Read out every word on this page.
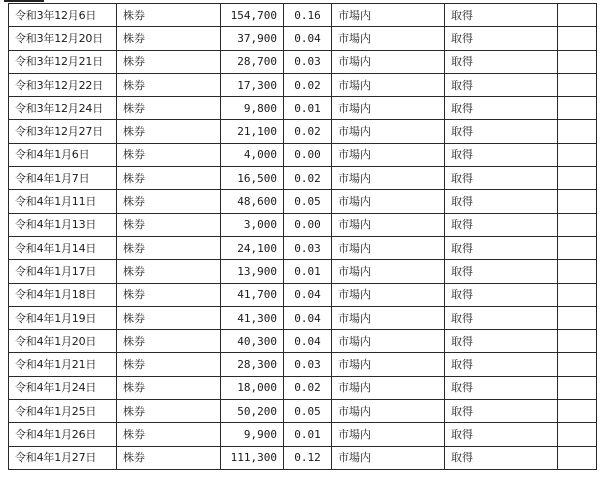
令和3年12月6日	株券	154,700	0.16	市場内	取得	
令和3年12月20日	株券	37,900	0.04	市場内	取得	
令和3年12月21日	株券	28,700	0.03	市場内	取得	
令和3年12月22日	株券	17,300	0.02	市場内	取得	
令和3年12月24日	株券	9,800	0.01	市場内	取得	
令和3年12月27日	株券	21,100	0.02	市場内	取得	
令和4年1月6日	株券	4,000	0.00	市場内	取得	
令和4年1月7日	株券	16,500	0.02	市場内	取得	
令和4年1月11日	株券	48,600	0.05	市場内	取得	
令和4年1月13日	株券	3,000	0.00	市場内	取得	
令和4年1月14日	株券	24,100	0.03	市場内	取得	
令和4年1月17日	株券	13,900	0.01	市場内	取得	
令和4年1月18日	株券	41,700	0.04	市場内	取得	
令和4年1月19日	株券	41,300	0.04	市場内	取得	
令和4年1月20日	株券	40,300	0.04	市場内	取得	
令和4年1月21日	株券	28,300	0.03	市場内	取得	
令和4年1月24日	株券	18,000	0.02	市場内	取得	
令和4年1月25日	株券	50,200	0.05	市場内	取得	
令和4年1月26日	株券	9,900	0.01	市場内	取得	
令和4年1月27日	株券	111,300	0.12	市場内	取得	
